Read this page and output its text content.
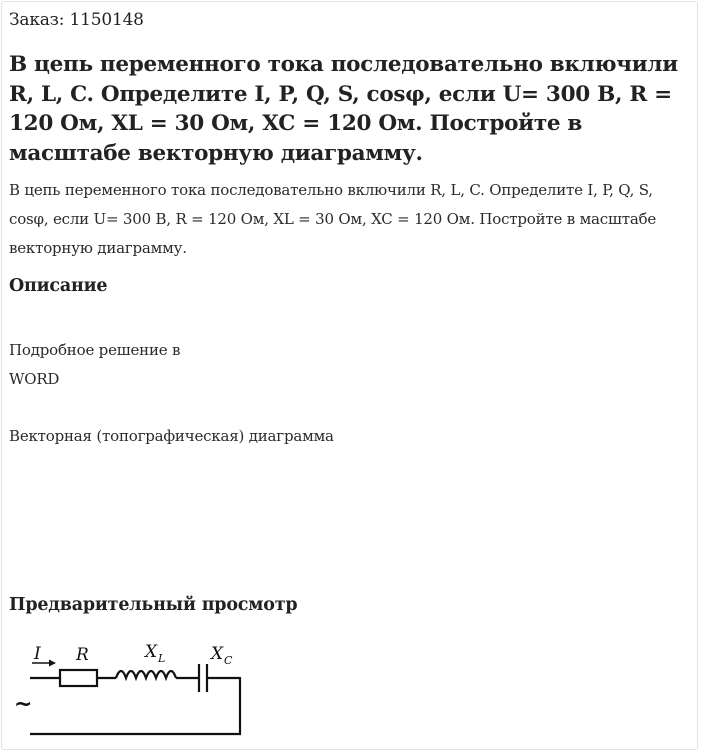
Заказ: 1150148
В цепь переменного тока последовательно включили R, L, C. Определите I, P, Q, S, cosφ, если U= 300 B, R = 120 Ом, XL = 30 Ом, XC = 120 Ом. Постройте в масштабе векторную диаграмму.
В цепь переменного тока последовательно включили R, L, C. Определите I, P, Q, S, cosφ, если U= 300 B, R = 120 Ом, XL = 30 Ом, XC = 120 Ом. Постройте в масштабе векторную диаграмму.
Описание
Подробное решение в
WORD
Векторная (топографическая) диаграмма
Предварительный просмотр
I R	X L	X C
~
